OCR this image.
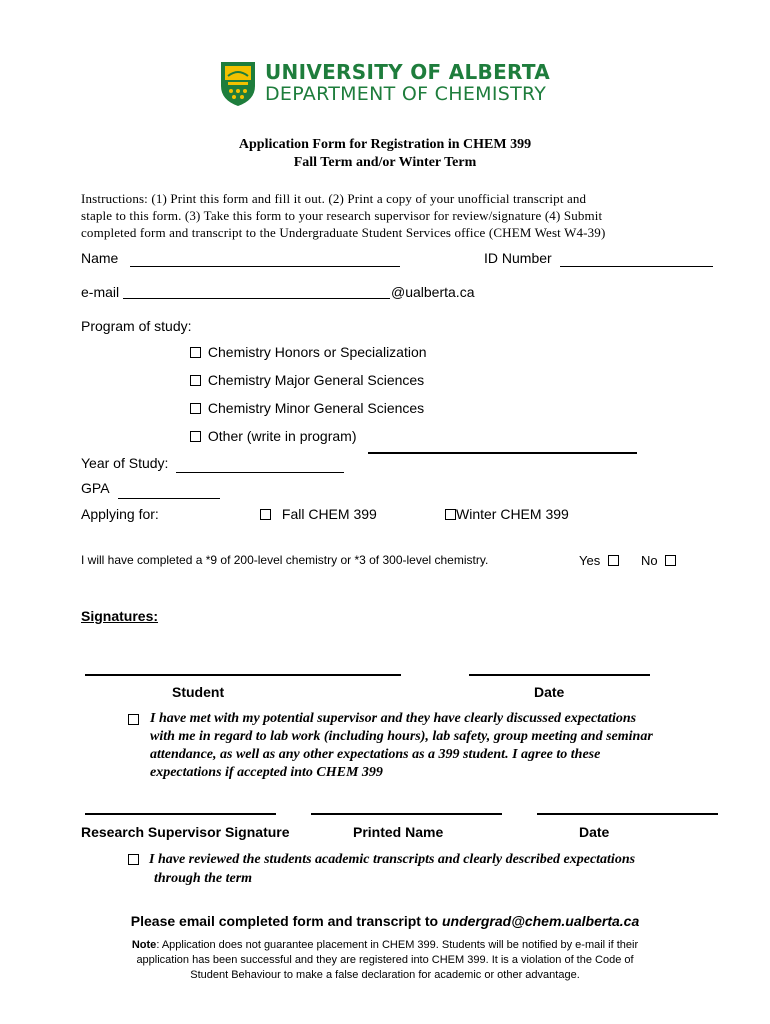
UNIVERSITY OF ALBERTA
DEPARTMENT OF CHEMISTRY
Application Form for Registration in CHEM 399
Fall Term and/or Winter Term
Instructions: (1) Print this form and fill it out. (2) Print a copy of your unofficial transcript and
staple to this form. (3) Take this form to your research supervisor for review/signature (4) Submit
completed form and transcript to the Undergraduate Student Services office (CHEM West W4-39)
Name	ID Number
e-mail	@ualberta.ca
Program of study:
Chemistry Honors or Specialization
Chemistry Major General Sciences
Chemistry Minor General Sciences
Other (write in program)
Year of Study:
GPA
Applying for:	Fall CHEM 399	Winter CHEM 399
I will have completed a *9 of 200-level chemistry or *3 of 300-level chemistry.	Yes	No
Signatures:
Student	Date
I have met with my potential supervisor and they have clearly discussed expectations
with me in regard to lab work (including hours), lab safety, group meeting and seminar
attendance, as well as any other expectations as a 399 student. I agree to these
expectations if accepted into CHEM 399
Research Supervisor Signature	Printed Name	Date
I have reviewed the students academic transcripts and clearly described expectations
through the term
Please email completed form and transcript to undergrad@chem.ualberta.ca
Note: Application does not guarantee placement in CHEM 399. Students will be notified by e-mail if their
application has been successful and they are registered into CHEM 399. It is a violation of the Code of
Student Behaviour to make a false declaration for academic or other advantage.
